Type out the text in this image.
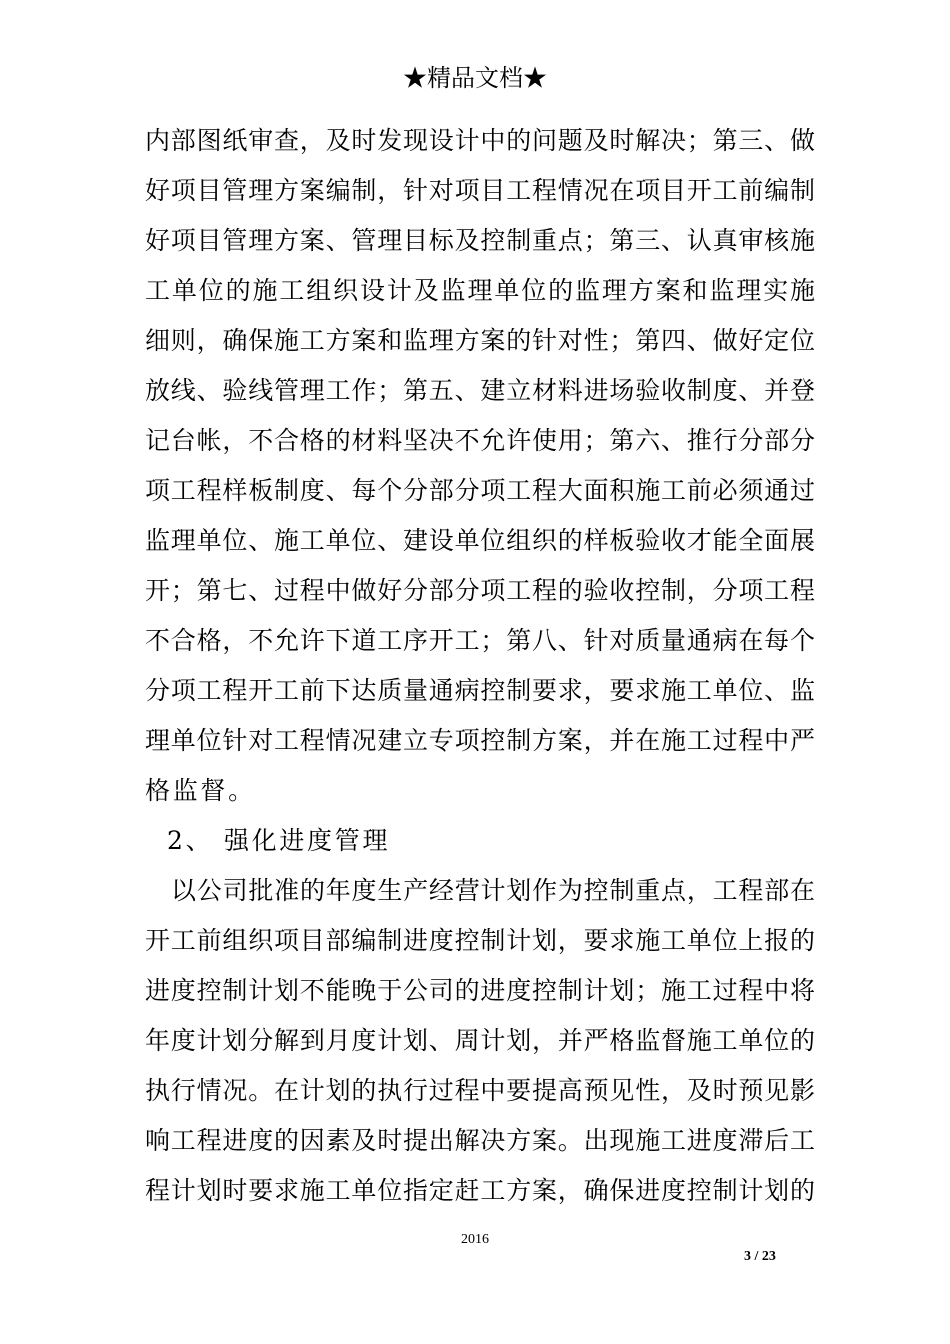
★精品文档★
内部图纸审查，及时发现设计中的问题及时解决；第三、做
好项目管理方案编制，针对项目工程情况在项目开工前编制
好项目管理方案、管理目标及控制重点；第三、认真审核施
工单位的施工组织设计及监理单位的监理方案和监理实施
细则，确保施工方案和监理方案的针对性；第四、做好定位
放线、验线管理工作；第五、建立材料进场验收制度、并登
记台帐，不合格的材料坚决不允许使用；第六、推行分部分
项工程样板制度、每个分部分项工程大面积施工前必须通过
监理单位、施工单位、建设单位组织的样板验收才能全面展
开；第七、过程中做好分部分项工程的验收控制，分项工程
不合格，不允许下道工序开工；第八、针对质量通病在每个
分项工程开工前下达质量通病控制要求，要求施工单位、监
理单位针对工程情况建立专项控制方案，并在施工过程中严
格监督。
2、 强化进度管理
以公司批准的年度生产经营计划作为控制重点，工程部在
开工前组织项目部编制进度控制计划，要求施工单位上报的
进度控制计划不能晚于公司的进度控制计划；施工过程中将
年度计划分解到月度计划、周计划，并严格监督施工单位的
执行情况。在计划的执行过程中要提高预见性，及时预见影
响工程进度的因素及时提出解决方案。出现施工进度滞后工
程计划时要求施工单位指定赶工方案，确保进度控制计划的
2016
3 / 23
